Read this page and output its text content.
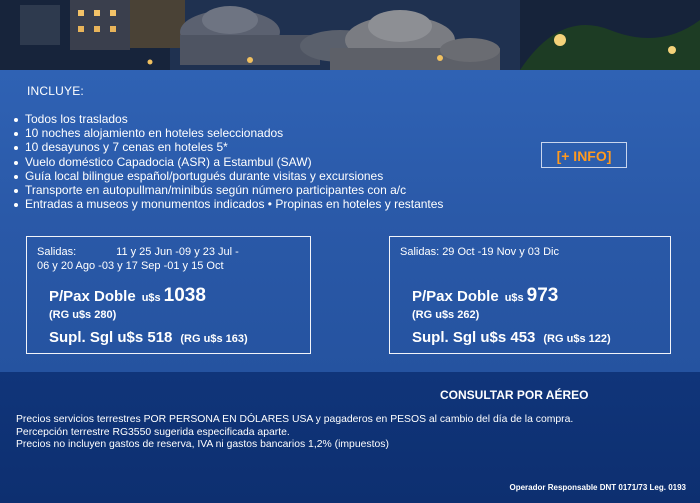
INCLUYE:
Todos los traslados
10 noches alojamiento en hoteles seleccionados
10 desayunos y 7 cenas en hoteles 5*
Vuelo doméstico Capadocia (ASR) a Estambul (SAW)
Guía local bilingue español/portugués durante visitas y excursiones
Transporte en autopullman/minibús según número participantes con a/c
Entradas a museos y monumentos indicados • Propinas en hoteles y restantes
[+ INFO]
Salidas:	11 y 25 Jun -09 y 23 Jul -
06 y 20 Ago -03 y 17 Sep -01 y 15 Oct
P/Pax Doble u$s 1038
(RG u$s 280)
Supl. Sgl u$s 518 (RG u$s 163)
Salidas: 29 Oct -19 Nov y 03 Dic
P/Pax Doble u$s 973
(RG u$s 262)
Supl. Sgl u$s 453 (RG u$s 122)
CONSULTAR POR AÉREO
Precios servicios terrestres POR PERSONA EN DÓLARES USA y pagaderos en PESOS al cambio del día de la compra.
Percepción terrestre RG3550 sugerida especificada aparte.
Precios no incluyen gastos de reserva, IVA ni gastos bancarios 1,2% (impuestos)
Operador Responsable DNT 0171/73 Leg. 0193
